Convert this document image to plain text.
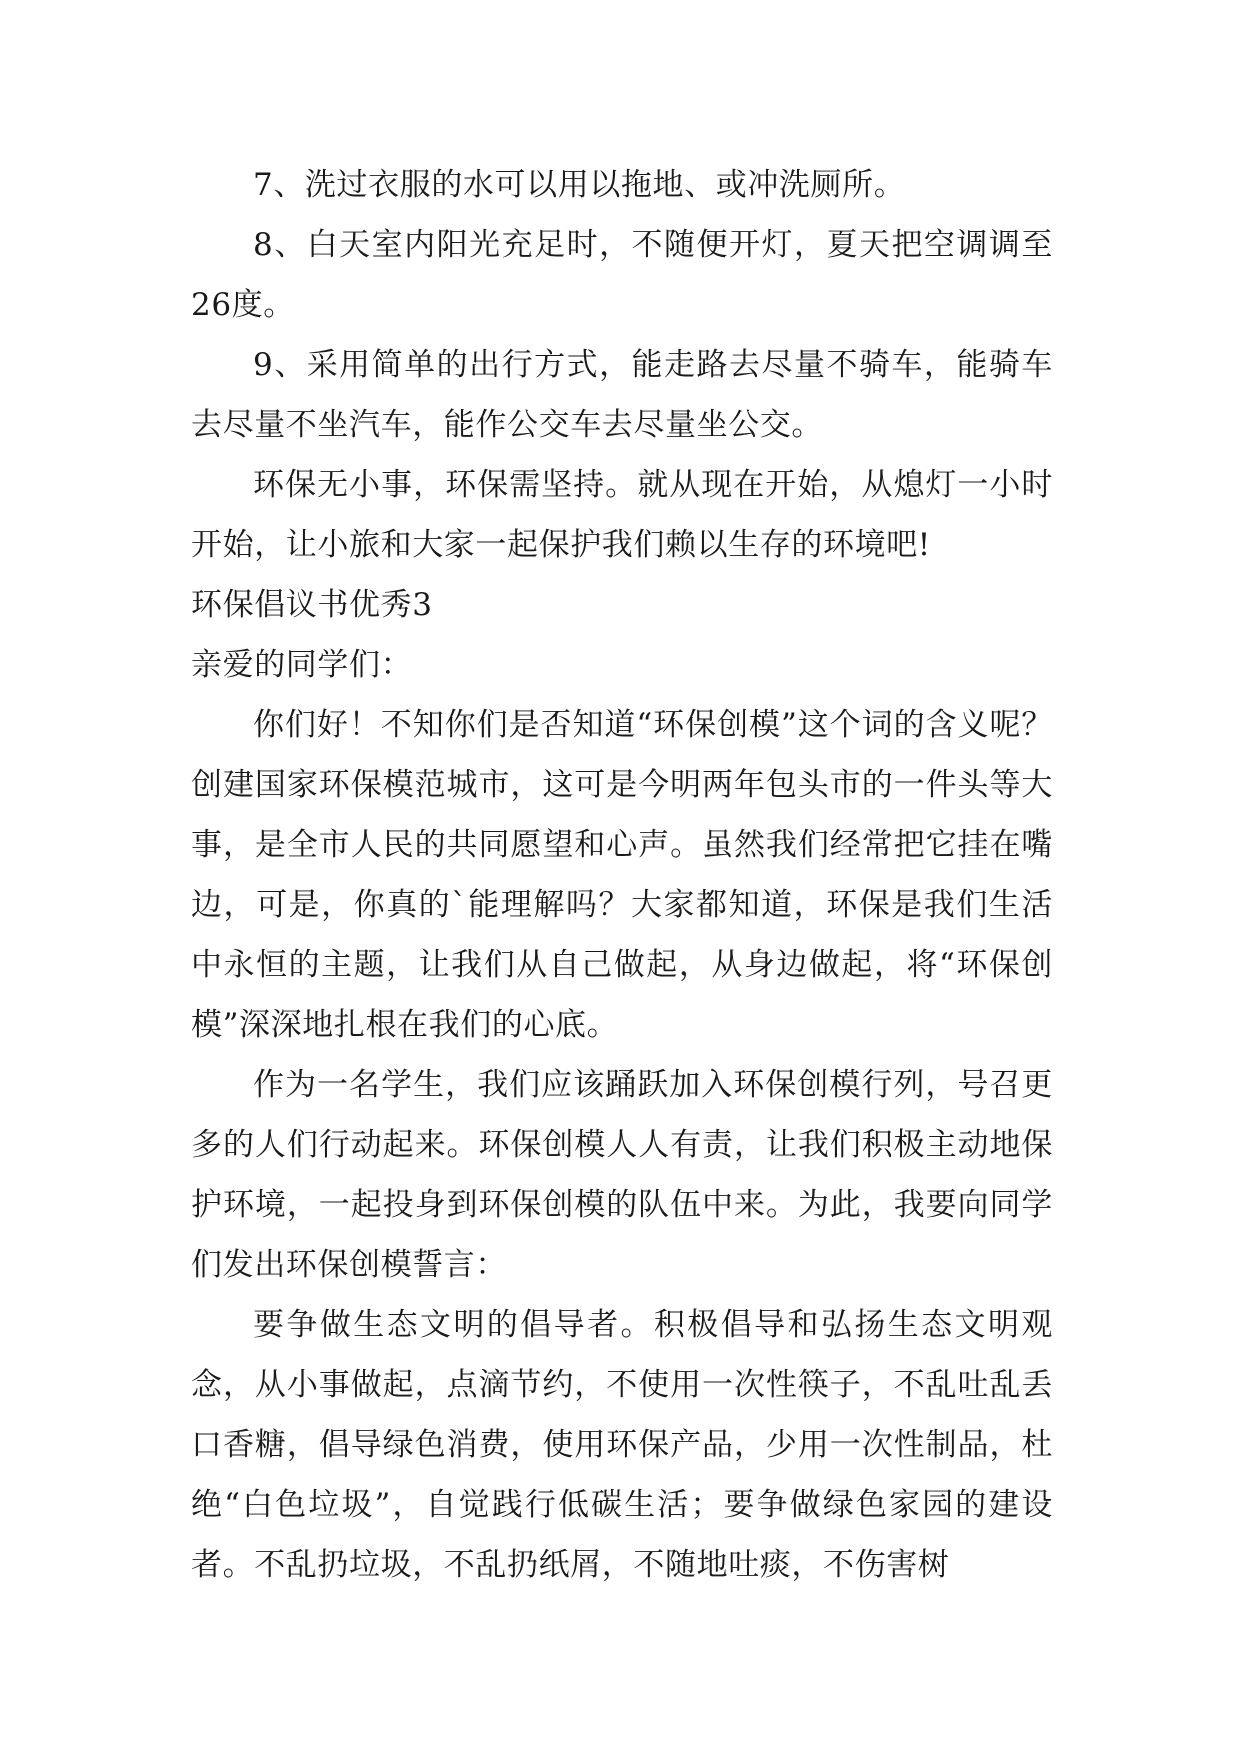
7、洗过衣服的水可以用以拖地、或冲洗厕所。

8、白天室内阳光充足时，不随便开灯，夏天把空调调至26度。

9、采用简单的出行方式，能走路去尽量不骑车，能骑车去尽量不坐汽车，能作公交车去尽量坐公交。

环保无小事，环保需坚持。就从现在开始，从熄灯一小时开始，让小旅和大家一起保护我们赖以生存的环境吧!

环保倡议书优秀3

亲爱的同学们：

你们好！不知你们是否知道“环保创模”这个词的含义呢？创建国家环保模范城市，这可是今明两年包头市的一件头等大事，是全市人民的共同愿望和心声。虽然我们经常把它挂在嘴边，可是，你真的`能理解吗？大家都知道，环保是我们生活中永恒的主题，让我们从自己做起，从身边做起，将“环保创模”深深地扎根在我们的心底。

作为一名学生，我们应该踊跃加入环保创模行列，号召更多的人们行动起来。环保创模人人有责，让我们积极主动地保护环境，一起投身到环保创模的队伍中来。为此，我要向同学们发出环保创模誓言：

要争做生态文明的倡导者。积极倡导和弘扬生态文明观念，从小事做起，点滴节约，不使用一次性筷子，不乱吐乱丢口香糖，倡导绿色消费，使用环保产品，少用一次性制品，杜绝“白色垃圾”，自觉践行低碳生活；要争做绿色家园的建设者。不乱扔垃圾，不乱扔纸屑，不随地吐痰，不伤害树
